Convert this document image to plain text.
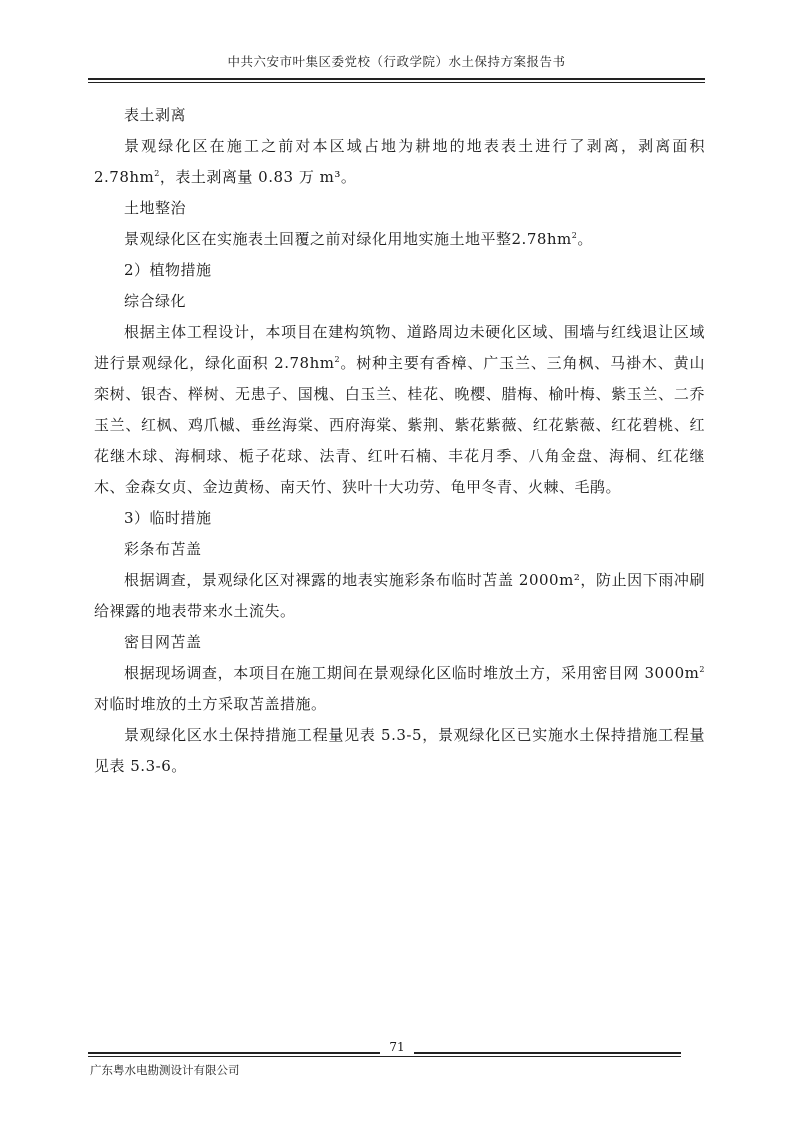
中共六安市叶集区委党校（行政学院）水土保持方案报告书

表土剥离

景观绿化区在施工之前对本区域占地为耕地的地表表土进行了剥离，剥离面积$2.78hm^2$，表土剥离量 0.83 万 m³。

土地整治

景观绿化区在实施表土回覆之前对绿化用地实施土地平整$2.78hm^2$。

2）植物措施

综合绿化

根据主体工程设计，本项目在建构筑物、道路周边未硬化区域、围墙与红线退让区域进行景观绿化，绿化面积 $2.78hm^2$。树种主要有香樟、广玉兰、三角枫、马褂木、黄山栾树、银杏、榉树、无患子、国槐、白玉兰、桂花、晚樱、腊梅、榆叶梅、紫玉兰、二乔玉兰、红枫、鸡爪槭、垂丝海棠、西府海棠、紫荆、紫花紫薇、红花紫薇、红花碧桃、红花继木球、海桐球、栀子花球、法青、红叶石楠、丰花月季、八角金盘、海桐、红花继木、金森女贞、金边黄杨、南天竹、狭叶十大功劳、龟甲冬青、火棘、毛鹃。

3）临时措施

彩条布苫盖

根据调查，景观绿化区对裸露的地表实施彩条布临时苫盖 2000m²，防止因下雨冲刷给裸露的地表带来水土流失。

密目网苫盖

根据现场调查，本项目在施工期间在景观绿化区临时堆放土方，采用密目网 $3000m^2$对临时堆放的土方采取苫盖措施。

景观绿化区水土保持措施工程量见表 5.3-5，景观绿化区已实施水土保持措施工程量见表 5.3-6。

71
广东粤水电勘测设计有限公司
